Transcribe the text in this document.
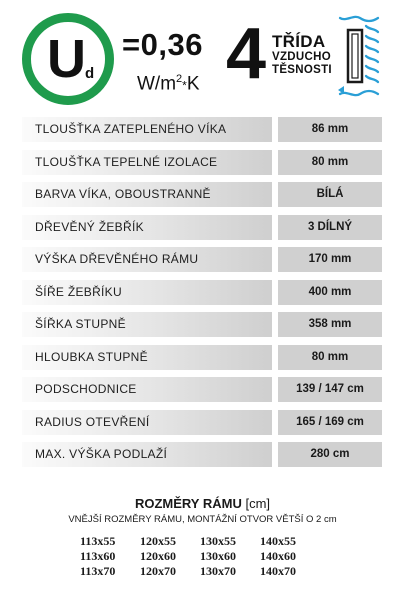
U d
=0,36
$W/m^2*K$ 4 TŘÍDA
VZDUCHO
TĚSNOSTI
TLOUŠŤKA ZATEPLENÉHO VÍKA	86 mm
TLOUŠŤKA TEPELNÉ IZOLACE	80 mm
BARVA VÍKA, OBOUSTRANNĚ	BÍLÁ
DŘEVĚNÝ ŽEBŘÍK	3 DÍLNÝ
VÝŠKA DŘEVĚNÉHO RÁMU	170 mm
ŠÍŘE ŽEBŘÍKU	400 mm
ŠÍŘKA STUPNĚ	358 mm
HLOUBKA STUPNĚ	80 mm
PODSCHODNICE	139 / 147 cm
RADIUS OTEVŘENÍ	165 / 169 cm
MAX. VÝŠKA PODLAŽÍ	280 cm
ROZMĚRY RÁMU [cm]
VNĚJŠÍ ROZMĚRY RÁMU, MONTÁŽNÍ OTVOR VĚTŠÍ O 2 cm
113x55	120x55	130x55	140x55
113x60	120x60	130x60	140x60
113x70	120x70	130x70	140x70
